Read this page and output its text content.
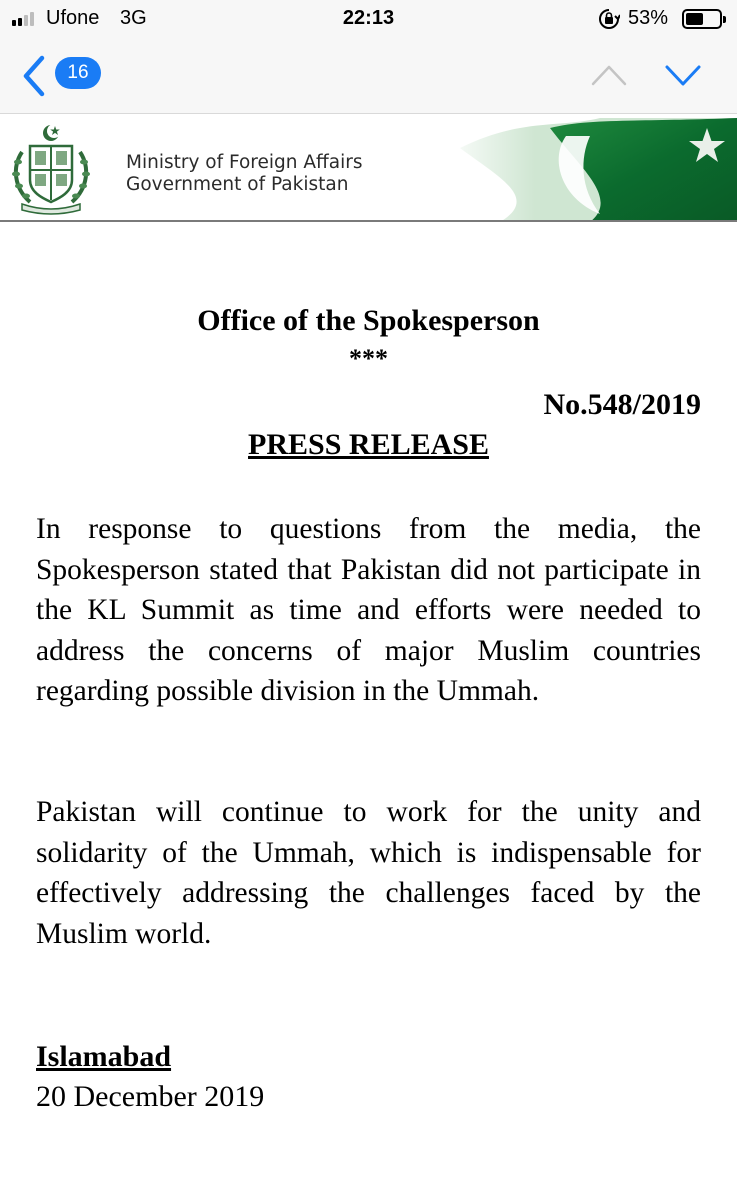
Ufone 3G	22:13	53%
16
Ministry of Foreign Affairs
Government of Pakistan
Office of the Spokesperson
***
No.548/2019
PRESS RELEASE

In response to questions from the media, the Spokesperson stated that Pakistan did not participate in the KL Summit as time and efforts were needed to address the concerns of major Muslim countries regarding possible division in the Ummah.

Pakistan will continue to work for the unity and solidarity of the Ummah, which is indispensable for effectively addressing the challenges faced by the Muslim world.

Islamabad
20 December 2019
